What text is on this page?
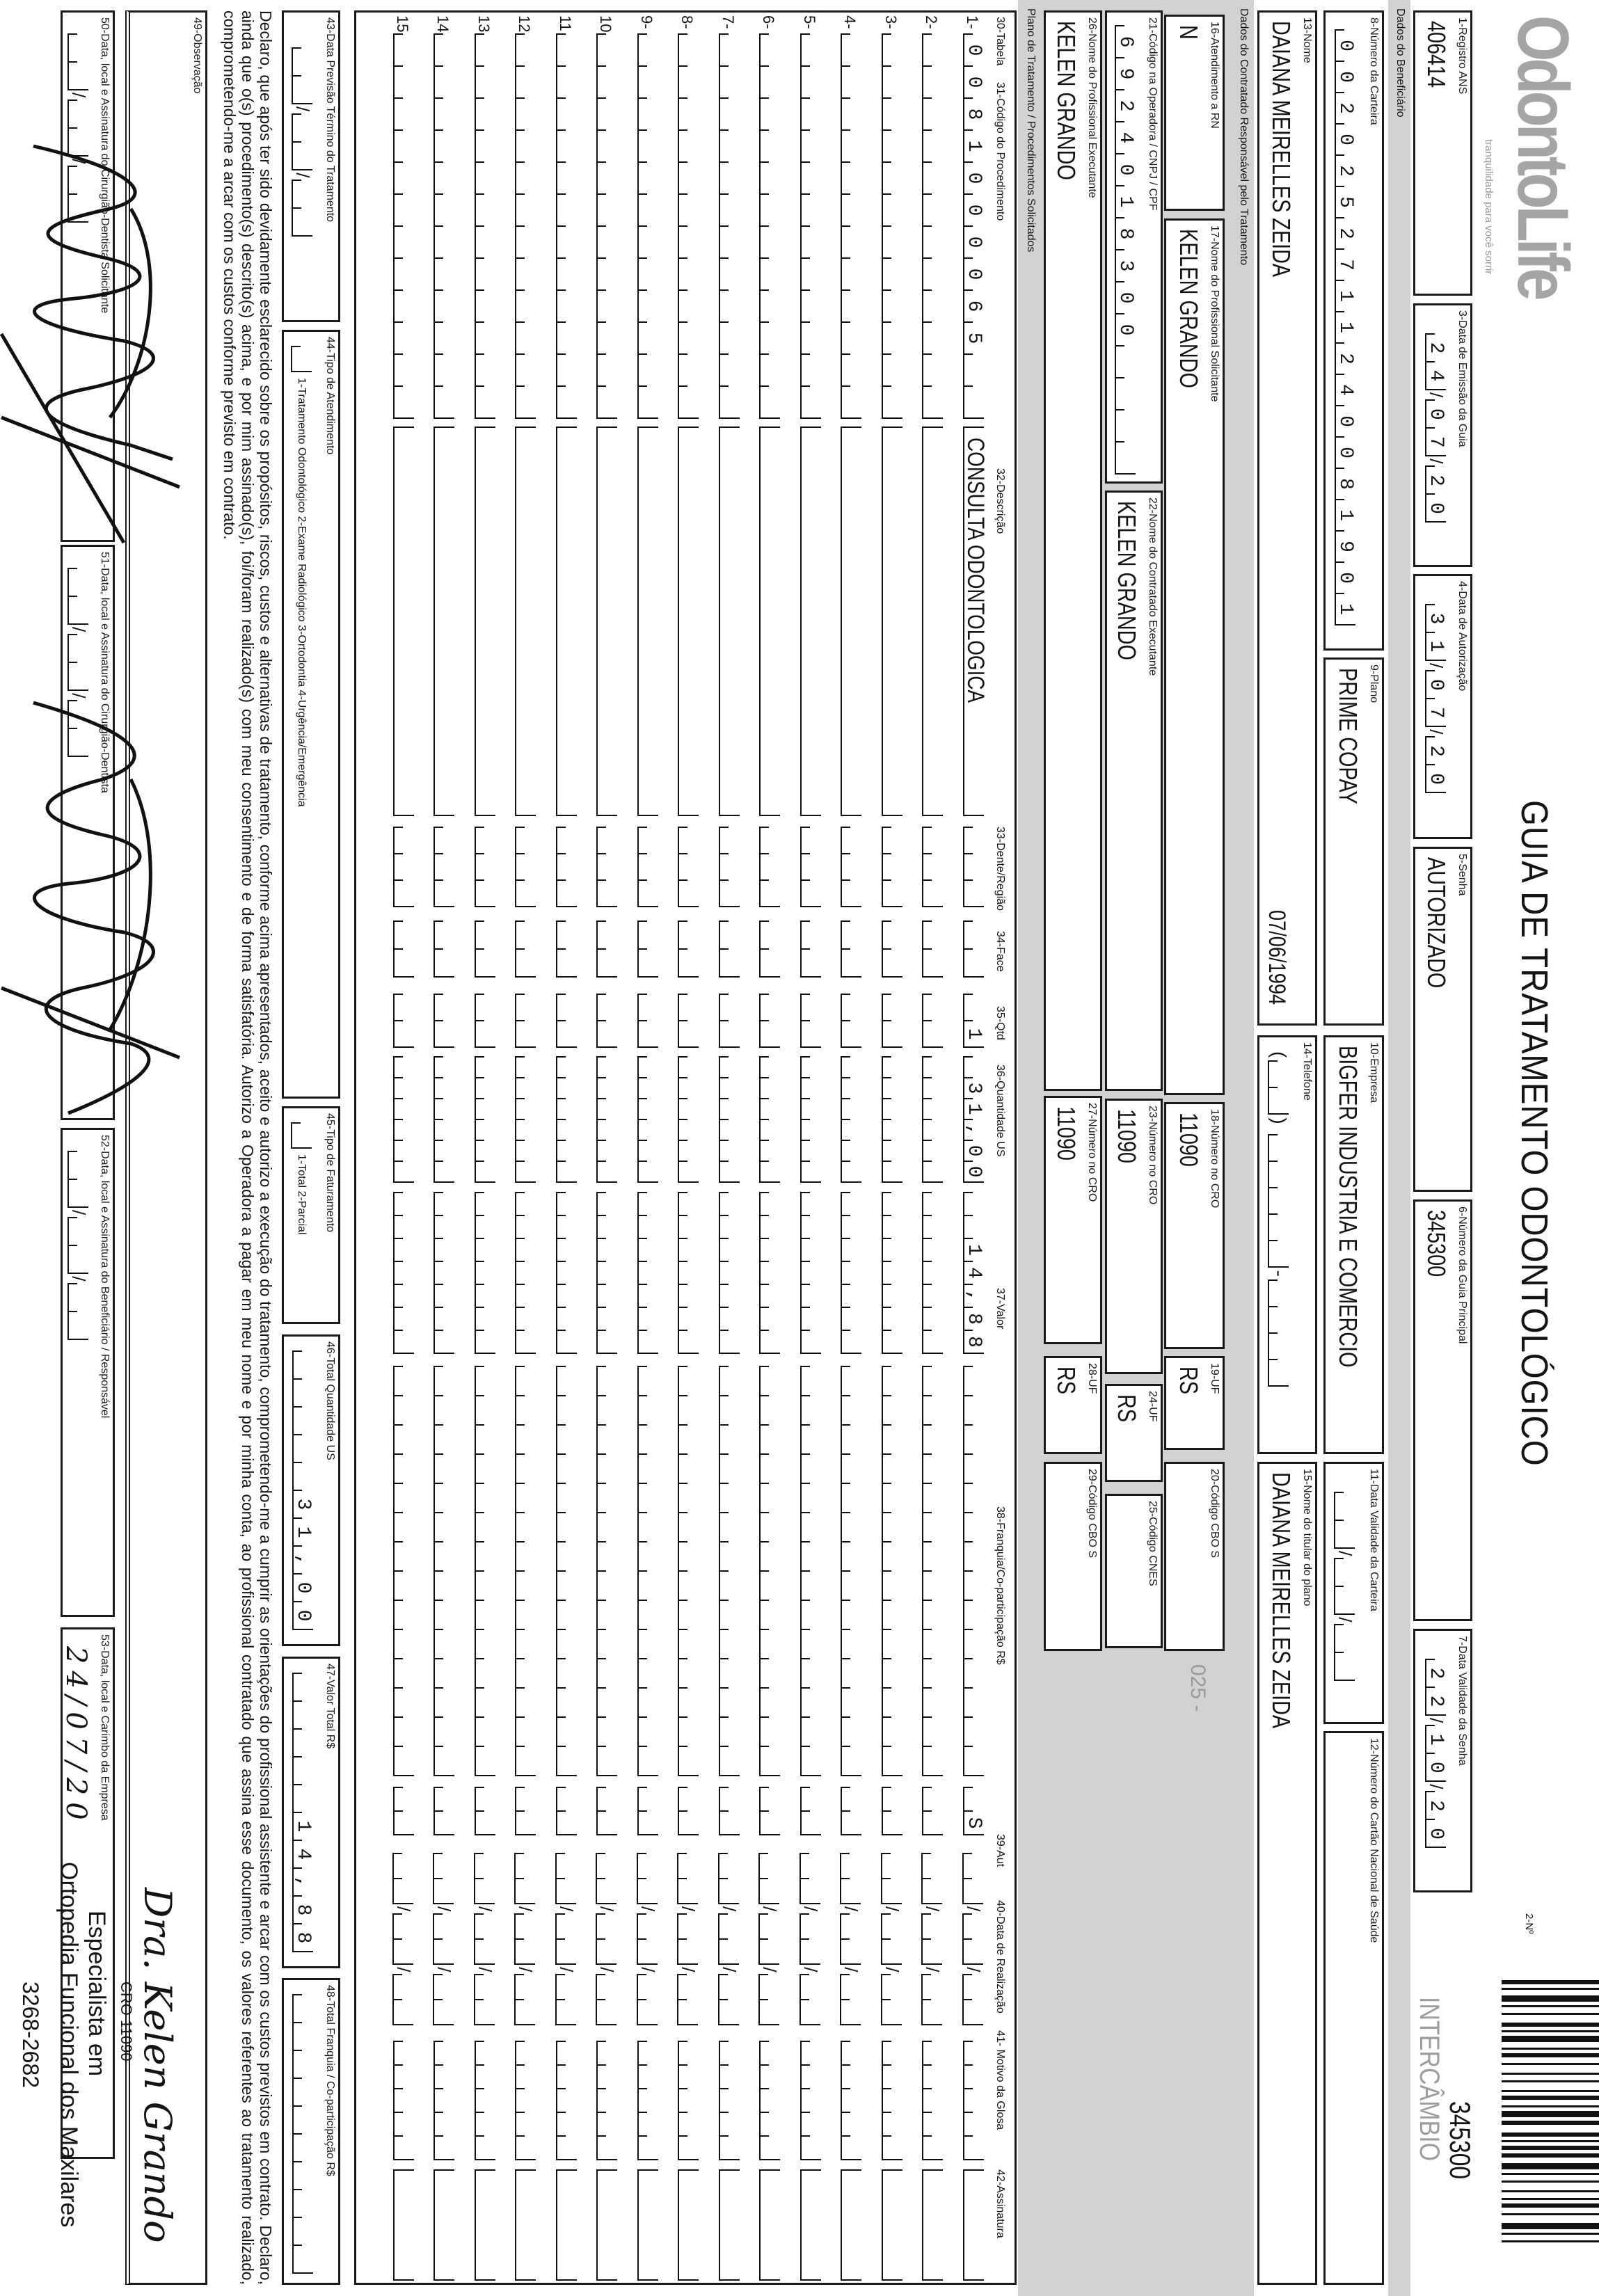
OdontoLife
tranquilidade para você sorrir
GUIA DE TRATAMENTO ODONTOLÓGICO
2-Nº
345300
INTERCÂMBIO
1-Registro ANS
406414
3-Data de Emissão da Guia
24
/
07
/
20
4-Data de Autorização
31
/
07
/
20
5-Senha
AUTORIZADO
6-Número da Guia Principal
345300
7-Data Validade da Senha
22
/
10
/
20
Dados do Beneficiário
8-Número da Carteira
0020252711240081901
9-Plano
PRIME COPAY
10-Empresa
BIGFER INDUSTRIA E COMERCIO
11-Data Validade da Carteira
/
/
12-Número do Cartão Nacional de Saúde
13-Nome
DAIANA MEIRELLES ZEIDA
07/06/1994
14-Telefone
(
)
-
15-Nome do titular do plano
DAIANA MEIRELLES ZEIDA
Dados do Contratado Responsável pelo Tratamento
16-Atendimento a RN
N
17-Nome do Profissional Solicitante
KELEN GRANDO
18-Número no CRO
11090
19-UF
RS
20-Código CBO S
025 -
21-Código na Operadora / CNPJ / CPF
6924018300
22-Nome do Contratado Executante
KELEN GRANDO
23-Número no CRO
11090
24-UF
RS
25-Código CNES
26-Nome do Profissional Executante
KELEN GRANDO
27-Número no CRO
11090
28-UF
RS
29-Código CBO S
Plano de Tratamento / Procedimentos Solicitados
30-Tabela
31-Código do Procedimento
32-Descrição
33-Dente/Região
34-Face
35-Qtd
36-Quantidade US
37-Valor
38-Franquia/Co-participação R$
39-Aut
40-Data de Realização
41- Motivo da Glosa
42-Assinatura
1-
0081000065
CONSULTA ODONTOLOGICA
1
31,00
14,88
S
/
/
2-
/
/
3-
/
/
4-
/
/
5-
/
/
6-
/
/
7-
/
/
8-
/
/
9-
/
/
10
/
/
11
/
/
12
/
/
13
/
/
14
/
/
15
/
/
43-Data Previsão Término do Tratamento
/
/
44-Tipo de Atendimento
1-Tratamento Odontológico 2-Exame Radiológico 3-Ortodontia 4-Urgência/Emergência
45-Tipo de Faturamento
1-Total 2-Parcial
46-Total Quantidade US
31,00
47-Valor Total R$
14,88
48-Total Franquia / Co-participação R$
Declaro, que após ter sido devidamente esclarecido sobre os propósitos, riscos, custos e alternativas de tratamento, conforme acima apresentados, aceito e autorizo a execução do tratamento, comprometendo-me a cumprir as orientações do profissional assistente e arcar com os custos previstos em contrato. Declaro, ainda que o(s) procedimento(s) descrito(s) acima, e por mim assinado(s), foi/foram realizado(s) com meu consentimento e de forma satisfatória. Autorizo a Operadora a pagar em meu nome e por minha conta, ao profissional contratado que assina esse documento, os valores referentes ao tratamento realizado, comprometendo-me a arcar com os custos conforme previsto em contrato.
49-Observação
50-Data, local e Assinatura do Cirurgião-Dentista Solicitante
/
/
51-Data, local e Assinatura do Cirurgião-Dentista
/
/
52-Data, local e Assinatura do Beneficiário / Responsável
/
/
53-Data, local e Carimbo da Empresa
24/07/20
Dra. Kelen Grando
CRO 11090
Especialista em
Ortopedia Funcional dos Maxilares
3268-2682
